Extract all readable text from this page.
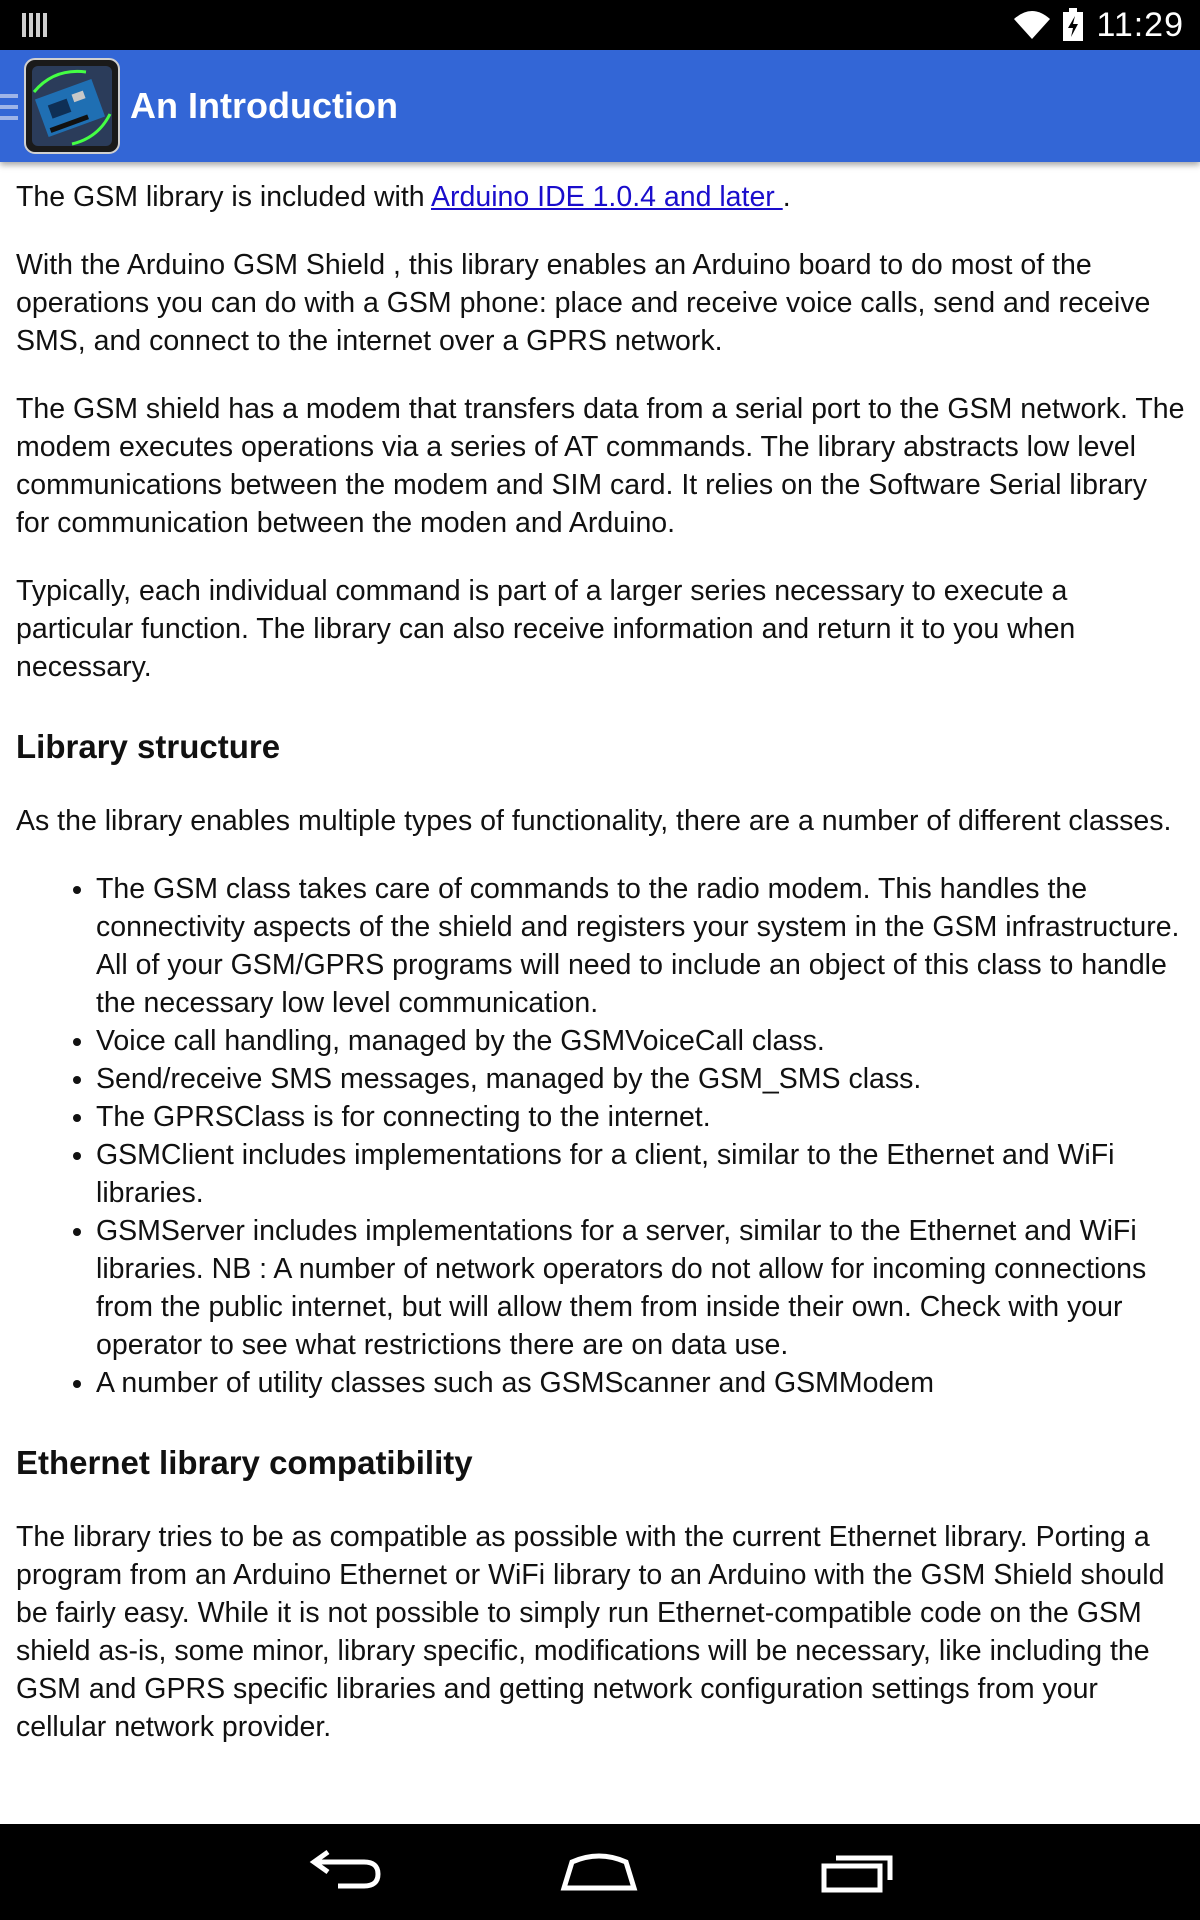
11:29
An Introduction

The GSM library is included with Arduino IDE 1.0.4 and later .

With the Arduino GSM Shield , this library enables an Arduino board to do most of the operations you can do with a GSM phone: place and receive voice calls, send and receive SMS, and connect to the internet over a GPRS network.

The GSM shield has a modem that transfers data from a serial port to the GSM network. The modem executes operations via a series of AT commands. The library abstracts low level communications between the modem and SIM card. It relies on the Software Serial library for communication between the moden and Arduino.

Typically, each individual command is part of a larger series necessary to execute a particular function. The library can also receive information and return it to you when necessary.

Library structure

As the library enables multiple types of functionality, there are a number of different classes.

• The GSM class takes care of commands to the radio modem. This handles the connectivity aspects of the shield and registers your system in the GSM infrastructure. All of your GSM/GPRS programs will need to include an object of this class to handle the necessary low level communication.
• Voice call handling, managed by the GSMVoiceCall class.
• Send/receive SMS messages, managed by the GSM_SMS class.
• The GPRSClass is for connecting to the internet.
• GSMClient includes implementations for a client, similar to the Ethernet and WiFi libraries.
• GSMServer includes implementations for a server, similar to the Ethernet and WiFi libraries. NB : A number of network operators do not allow for incoming connections from the public internet, but will allow them from inside their own. Check with your operator to see what restrictions there are on data use.
• A number of utility classes such as GSMScanner and GSMModem
Ethernet library compatibility

The library tries to be as compatible as possible with the current Ethernet library. Porting a program from an Arduino Ethernet or WiFi library to an Arduino with the GSM Shield should be fairly easy. While it is not possible to simply run Ethernet-compatible code on the GSM shield as-is, some minor, library specific, modifications will be necessary, like including the GSM and GPRS specific libraries and getting network configuration settings from your cellular network provider.
